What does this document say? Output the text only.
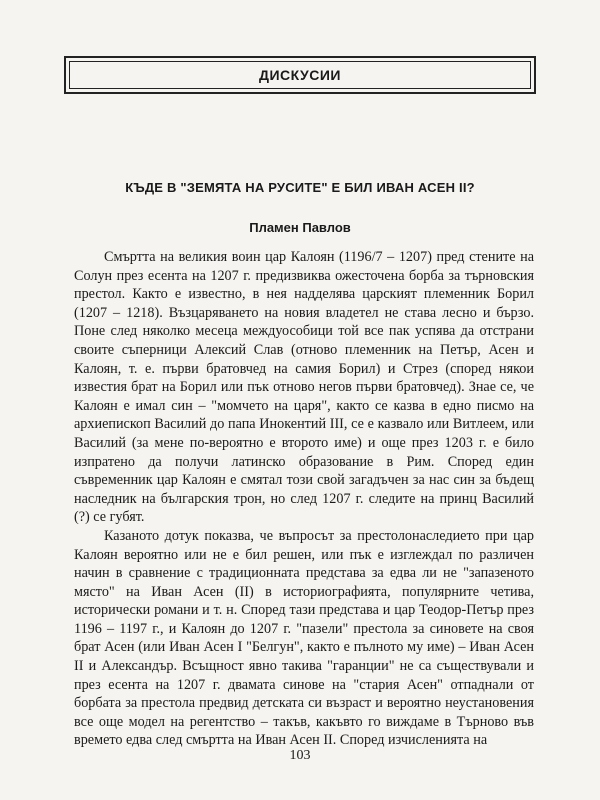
ДИСКУСИИ
КЪДЕ В "ЗЕМЯТА НА РУСИТЕ" Е БИЛ ИВАН АСЕН II?
Пламен Павлов

Смъртта на великия воин цар Калоян (1196/7 – 1207) пред стените на Солун през есента на 1207 г. предизвиква ожесточена борба за търновския престол. Както е известно, в нея надделява царският племенник Борил (1207 – 1218). Възцаряването на новия владетел не става лесно и бързо. Поне след няколко месеца междуособици той все пак успява да отстрани своите съперници Алексий Слав (отново племенник на Петър, Асен и Калоян, т. е. първи братовчед на самия Борил) и Стрез (според някои известия брат на Борил или пък отново негов първи братовчед). Знае се, че Калоян е имал син – "момчето на царя", както се казва в едно писмо на архиепископ Василий до папа Инокентий III, се е казвало или Витлеем, или Василий (за мене по-вероятно е второто име) и още през 1203 г. е било изпратено да получи латинско образование в Рим. Според един съвременник цар Калоян е смятал този свой загадъчен за нас син за бъдещ наследник на българския трон, но след 1207 г. следите на принц Василий (?) се губят.

Казаното дотук показва, че въпросът за престолонаследието при цар Калоян вероятно или не е бил решен, или пък е изглеждал по различен начин в сравнение с традиционната представа за едва ли не "запазеното място" на Иван Асен (II) в историографията, популярните четива, исторически романи и т. н. Според тази представа и цар Теодор-Петър през 1196 – 1197 г., и Калоян до 1207 г. "пазели" престола за синовете на своя брат Асен (или Иван Асен I "Белгун", както е пълното му име) – Иван Асен II и Александър. Всъщност явно такива "гаранции" не са съществували и през есента на 1207 г. двамата синове на "стария Асен" отпаднали от борбата за престола предвид детската си възраст и вероятно неустановения все още модел на регентство – такъв, какъвто го виждаме в Търново във времето едва след смъртта на Иван Асен II. Според изчисленията на

103
